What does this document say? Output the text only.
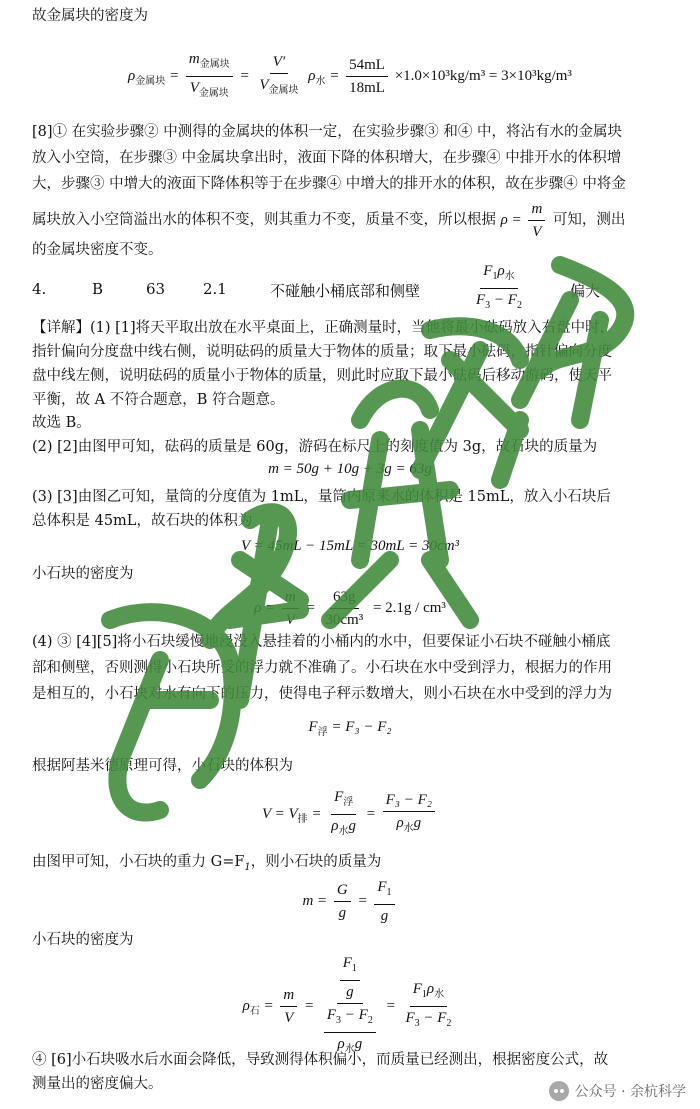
故金属块的密度为
$\rho_{金属块} = \frac{m_{金属块}}{V_{金属块}} = \frac{V'}{V_{金属块}} \rho_水 = \frac{54mL}{18mL} \times 1.0\times 10^3kg/m^3 = 3\times 10^3kg/m^3$
[8]① 在实验步骤② 中测得的金属块的体积一定，在实验步骤③ 和④ 中，将沾有水的金属块
放入小空筒，在步骤③ 中金属块拿出时，液面下降的体积增大，在步骤④ 中排开水的体积增
大，步骤③ 中增大的液面下降体积等于在步骤④ 中增大的排开水的体积，故在步骤④ 中将金
属块放入小空筒溢出水的体积不变，则其重力不变，质量不变，所以根据 $\rho = \frac{m}{V}$ 可知，测出
的金属块密度不变。
4.	B	63	2.1	不碰触小桶底部和侧壁	$\frac{F_1\rho_水}{F_3 - F_2}$	偏大
【详解】(1) [1]将天平取出放在水平桌面上，正确测量时，当他将最小砝码放入右盘中时，
指针偏向分度盘中线右侧，说明砝码的质量大于物体的质量；取下最小砝码，指针偏向分度
盘中线左侧，说明砝码的质量小于物体的质量，则此时应取下最小砝码后移动游码，使天平
平衡，故 A 不符合题意，B 符合题意。
故选 B。
(2) [2]由图甲可知，砝码的质量是 60g，游码在标尺上的刻度值为 3g，故石块的质量为
m = 50g + 10g + 3g = 63g
(3) [3]由图乙可知，量筒的分度值为 1mL，量筒内原来水的体积是 15mL，放入小石块后
总体积是 45mL，故石块的体积为
V = 45mL − 15mL = 30mL = 30cm³
小石块的密度为
$\rho = \frac{m}{V} = \frac{63g}{\text{30cm³}} = 2.1g / cm^3$
(4) ③ [4][5]将小石块缓慢地浸没入悬挂着的小桶内的水中，但要保证小石块不碰触小桶底
部和侧壁，否则测得小石块所受的浮力就不准确了。小石块在水中受到浮力，根据力的作用
是相互的，小石块对水有向下的压力，使得电子秤示数增大，则小石块在水中受到的浮力为
$F_浮 = F_3 - F_2$
根据阿基米德原理可得，小石块的体积为
$V = V_排 = \frac{F_浮}{\rho_水g} = \frac{\text{F₃ − F₂}}{\rho_水g}$
由图甲可知，小石块的重力 $G=F_1$，则小石块的质量为
$m = \frac{G}{g} = \frac{F_1}{g}$
小石块的密度为
$\rho_石 = \frac{m}{V} = \frac{\frac{F_1}{g}}{\frac{F_3 - F_2}{\rho_水g}} = \frac{F_1\rho_水}{F_3 - F_2}$
④ [6]小石块吸水后水面会降低，导致测得体积偏小，而质量已经测出，根据密度公式，故
测量出的密度偏大。	公众号 · 余杭科学
